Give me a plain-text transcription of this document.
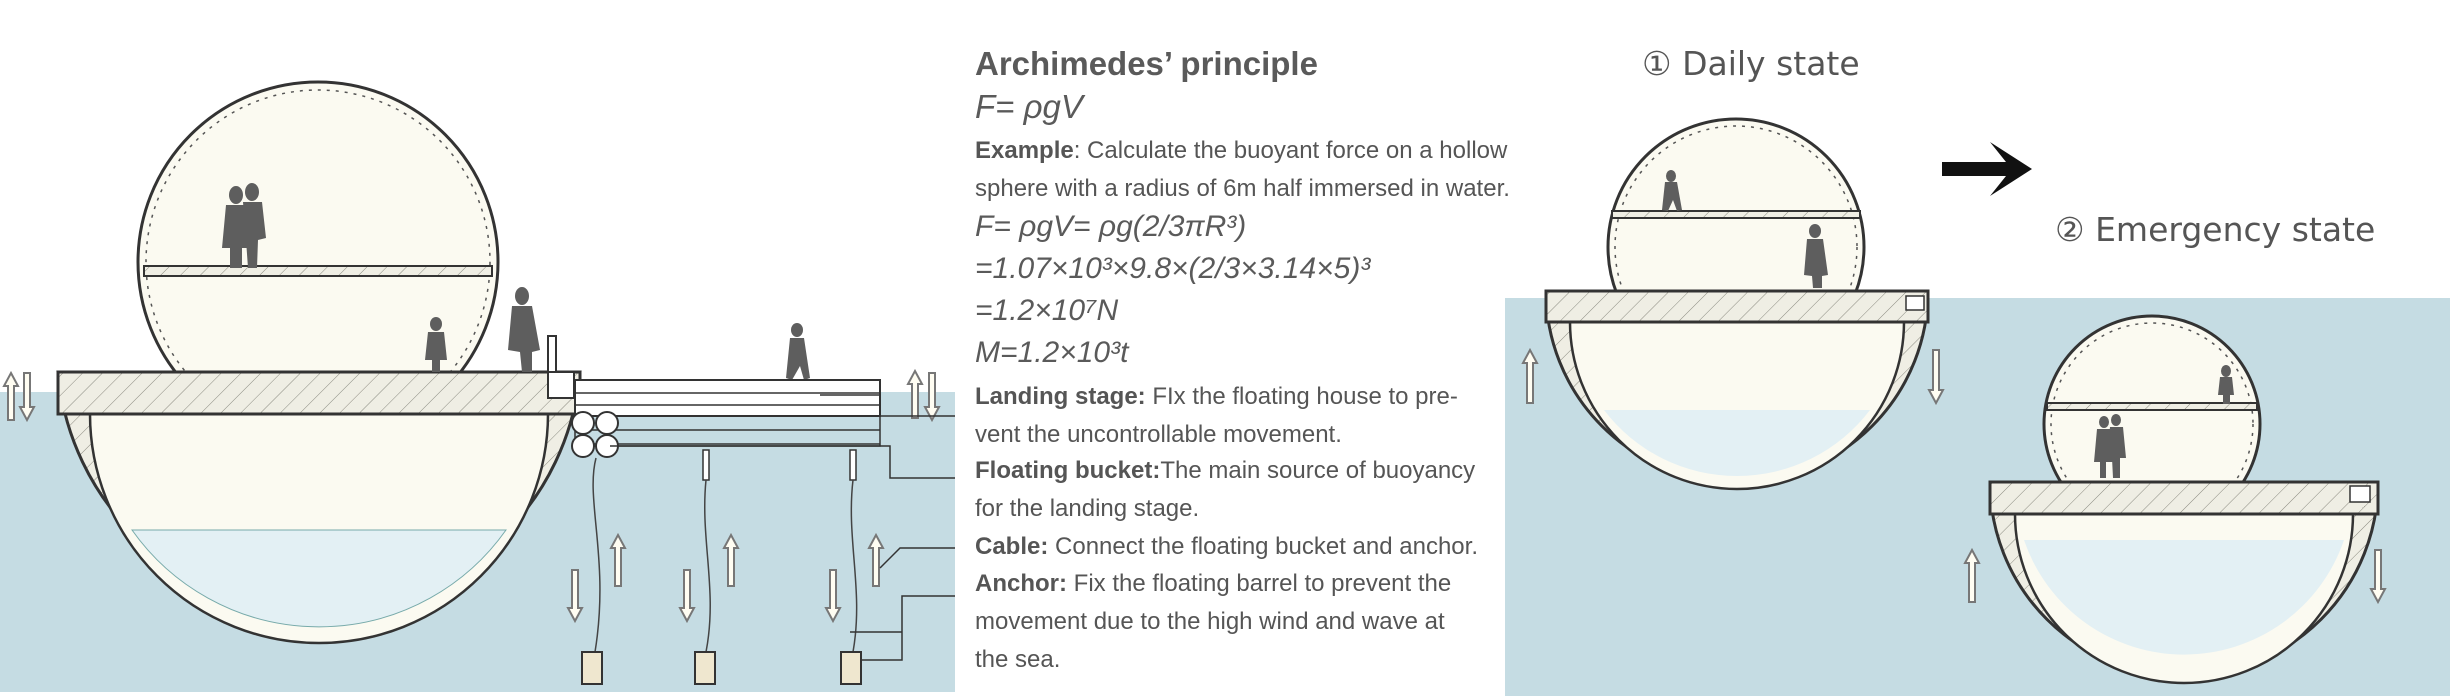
Archimedes’ principle
F= ρgV
Example: Calculate the buoyant force on a hollow
sphere with a radius of 6m half immersed in water.
F= ρgV= ρg(2/3πR³)
=1.07×10³×9.8×(2/3×3.14×5)³
=1.2×10⁷N
M=1.2×10³t
Landing stage: FIx the floating house to pre-
vent the uncontrollable movement.
Floating bucket:The main source of buoyancy
for the landing stage.
Cable: Connect the floating bucket and anchor.
Anchor: Fix the floating barrel to prevent the
movement due to the high wind and wave at
the sea.
① Daily state
② Emergency state
